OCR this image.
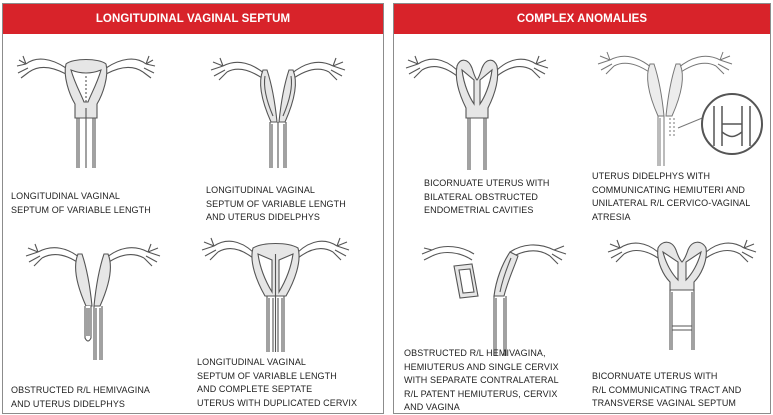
LONGITUDINAL VAGINAL SEPTUM
LONGITUDINAL VAGINAL
SEPTUM OF VARIABLE LENGTH
LONGITUDINAL VAGINAL
SEPTUM OF VARIABLE LENGTH
AND UTERUS DIDELPHYS
OBSTRUCTED R/L HEMIVAGINA
AND UTERUS DIDELPHYS
LONGITUDINAL VAGINAL
SEPTUM OF VARIABLE LENGTH
AND COMPLETE SEPTATE
UTERUS WITH DUPLICATED CERVIX
COMPLEX ANOMALIES
BICORNUATE UTERUS WITH
BILATERAL OBSTRUCTED
ENDOMETRIAL CAVITIES
UTERUS DIDELPHYS WITH
COMMUNICATING HEMIUTERI AND
UNILATERAL R/L CERVICO-VAGINAL
ATRESIA
OBSTRUCTED R/L HEMIVAGINA,
HEMIUTERUS AND SINGLE CERVIX
WITH SEPARATE CONTRALATERAL
R/L PATENT HEMIUTERUS, CERVIX
AND VAGINA
BICORNUATE UTERUS WITH
R/L COMMUNICATING TRACT AND
TRANSVERSE VAGINAL SEPTUM
